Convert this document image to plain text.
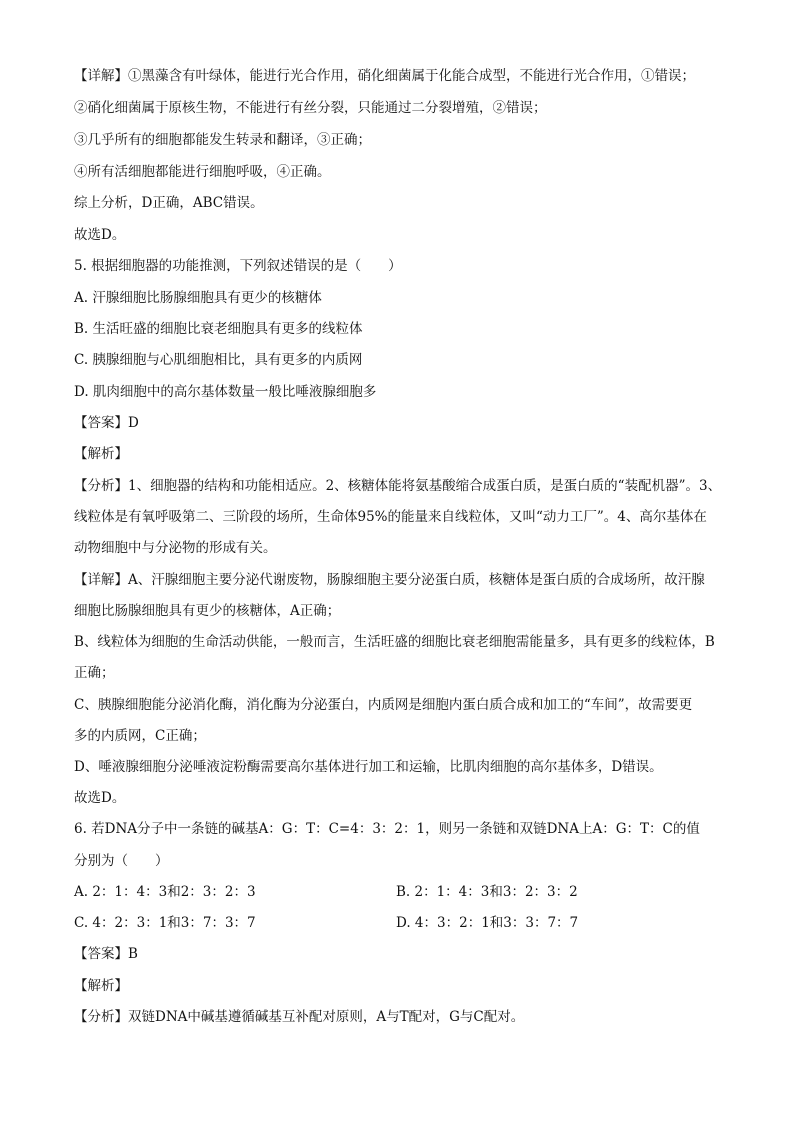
【详解】①黑藻含有叶绿体，能进行光合作用，硝化细菌属于化能合成型，不能进行光合作用，①错误；
②硝化细菌属于原核生物，不能进行有丝分裂，只能通过二分裂增殖，②错误；
③几乎所有的细胞都能发生转录和翻译，③正确；
④所有活细胞都能进行细胞呼吸，④正确。
综上分析，D正确，ABC错误。
故选D。
5. 根据细胞器的功能推测，下列叙述错误的是（　　）
A. 汗腺细胞比肠腺细胞具有更少的核糖体
B. 生活旺盛的细胞比衰老细胞具有更多的线粒体
C. 胰腺细胞与心肌细胞相比，具有更多的内质网
D. 肌肉细胞中的高尔基体数量一般比唾液腺细胞多
【答案】D
【解析】
【分析】1、细胞器的结构和功能相适应。2、核糖体能将氨基酸缩合成蛋白质，是蛋白质的“装配机器”。3、
线粒体是有氧呼吸第二、三阶段的场所，生命体95%的能量来自线粒体，又叫“动力工厂”。4、高尔基体在
动物细胞中与分泌物的形成有关。
【详解】A、汗腺细胞主要分泌代谢废物，肠腺细胞主要分泌蛋白质，核糖体是蛋白质的合成场所，故汗腺
细胞比肠腺细胞具有更少的核糖体，A正确；
B、线粒体为细胞的生命活动供能，一般而言，生活旺盛的细胞比衰老细胞需能量多，具有更多的线粒体，B
正确；
C、胰腺细胞能分泌消化酶，消化酶为分泌蛋白，内质网是细胞内蛋白质合成和加工的“车间”，故需要更
多的内质网，C正确；
D、唾液腺细胞分泌唾液淀粉酶需要高尔基体进行加工和运输，比肌肉细胞的高尔基体多，D错误。
故选D。
6. 若DNA分子中一条链的碱基A：G：T：C=4：3：2：1，则另一条链和双链DNA上A：G：T：C的值
分别为（　　）
A. 2：1：4：3和2：3：2：3	B. 2：1：4：3和3：2：3：2
C. 4：2：3：1和3：7：3：7	D. 4：3：2：1和3：3：7：7
【答案】B
【解析】
【分析】双链DNA中碱基遵循碱基互补配对原则，A与T配对，G与C配对。
